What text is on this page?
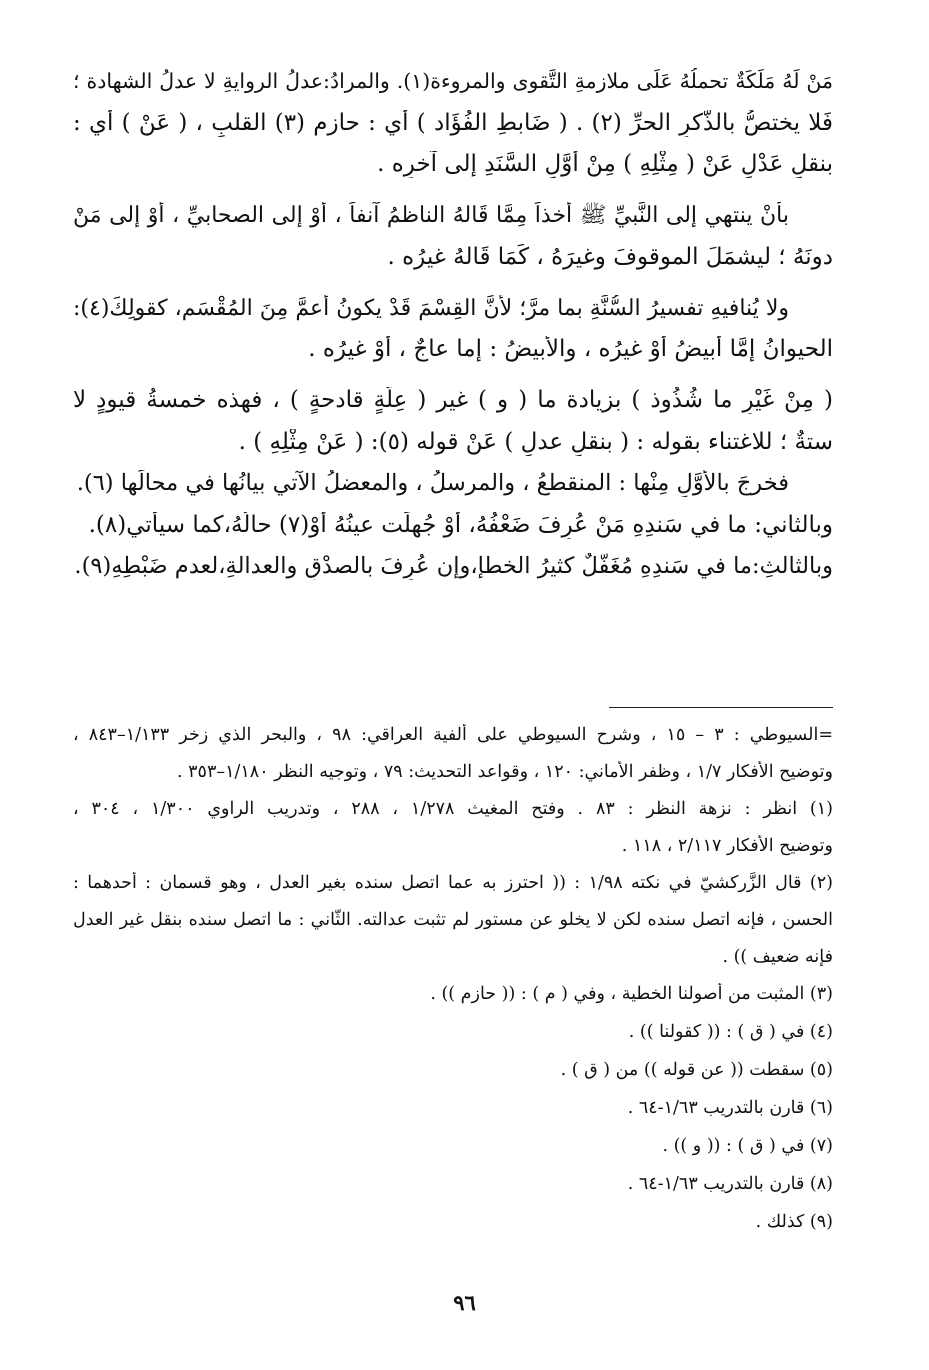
مَنْ لَهُ مَلَكَةٌ تحملُهُ عَلَى ملازمةِ التَّقوى والمروءة(١). والمرادُ:عدلُ الروايةِ لا عدلُ الشهادة ؛
فَلا يختصُّ بالذَّكرِ الحرِّ (٢) . ( ضَابطِ الفُؤَاد ) أي : حازمِ (٣) القلبِ ، ( عَنْ ) أي :
بنقلِ عَدْلٍ عَنْ ( مِثْلِهِ ) مِنْ أوَّلِ السَّنَدِ إلى آخرِه .
بأنْ ينتهي إلى النَّبيِّ ﷺ أخذاً مِمَّا قَالهُ الناظمُ آنفاً ، أوْ إلى الصحابيِّ ، أوْ إلى مَنْ
دونَهُ ؛ ليشمَلَ الموقوفَ وغيرَهُ ، كَمَا قَالهُ غيرُه .
ولا يُنافيهِ تفسيرُ السُّنَّةِ بما مرَّ؛ لأنَّ القِسْمَ قَدْ يكونُ أعمَّ مِنَ المُقْسَمِ، كقولِكَ(٤):
الحيوانُ إمَّا أبيضُ أوْ غيرُه ، والأبيضُ : إما عاجٌ ، أوْ غيرُه .
( مِنْ غَيْرِ ما شُذُوذ ) بزيادة ما ( و ) غير ( عِلَّةٍ قادحةٍ ) ، فهذه خمسةُ قيودٍ لا
ستةٌ ؛ للاغتناء بقوله : ( بنقلِ عدلٍ ) عَنْ قوله (٥): ( عَنْ مِثْلِهِ ) .
فخرجَ بالأوَّلِ مِنْها : المنقطعُ ، والمرسلُ ، والمعضلُ الآتي بيانُها في محالِّها (٦).
وبالثاني: ما في سَندِهِ مَنْ عُرِفَ ضَعْفُهُ، أوْ جُهِلَت عينُهُ أوْ(٧) حالُهُ،كما سيأتي(٨).
وبالثالثِ:ما في سَندِهِ مُغَفَّلٌ كثيرُ الخطإِ،وإن عُرِفَ بالصدْقِ والعدالةِ،لعدمِ ضَبْطِهِ(٩).
=السيوطي : ٣ – ١٥ ، وشرح السيوطي على ألفية العراقي: ٩٨ ، والبحر الذي زخر ١/١٣٣–٨٤٣ ،
وتوضيح الأفكار ١/٧ ، وظفر الأماني: ١٢٠ ، وقواعد التحديث: ٧٩ ، وتوجيه النظر ١/١٨٠–٣٥٣ .
(١) انظر : نزهة النظر : ٨٣ . وفتح المغيث ١/٢٧٨ ، ٢٨٨ ، وتدريب الراوي ١/٣٠٠ ، ٣٠٤ ،
وتوضيح الأفكار ٢/١١٧ ، ١١٨ .
(٢) قال الزَّركشيّ في نكته ١/٩٨ : (( احترز به عما اتصل سنده بغير العدل ، وهو قسمان : أحدهما :
الحسن ، فإنه اتصل سنده لكن لا يخلو عن مستور لم تثبت عدالته. الثّاني : ما اتصل سنده بنقل غير العدل
فإنه ضعيف )) .
(٣) المثبت من أصولنا الخطية ، وفي ( م ) : (( حازم )) .
(٤) في ( ق ) : (( كقولنا )) .
(٥) سقطت (( عن قوله )) من ( ق ) .
(٦) قارن بالتدريب ١/٦٣-٦٤ .
(٧) في ( ق ) : (( و )) .
(٨) قارن بالتدريب ١/٦٣-٦٤ .
(٩) كذلك .
٩٦
